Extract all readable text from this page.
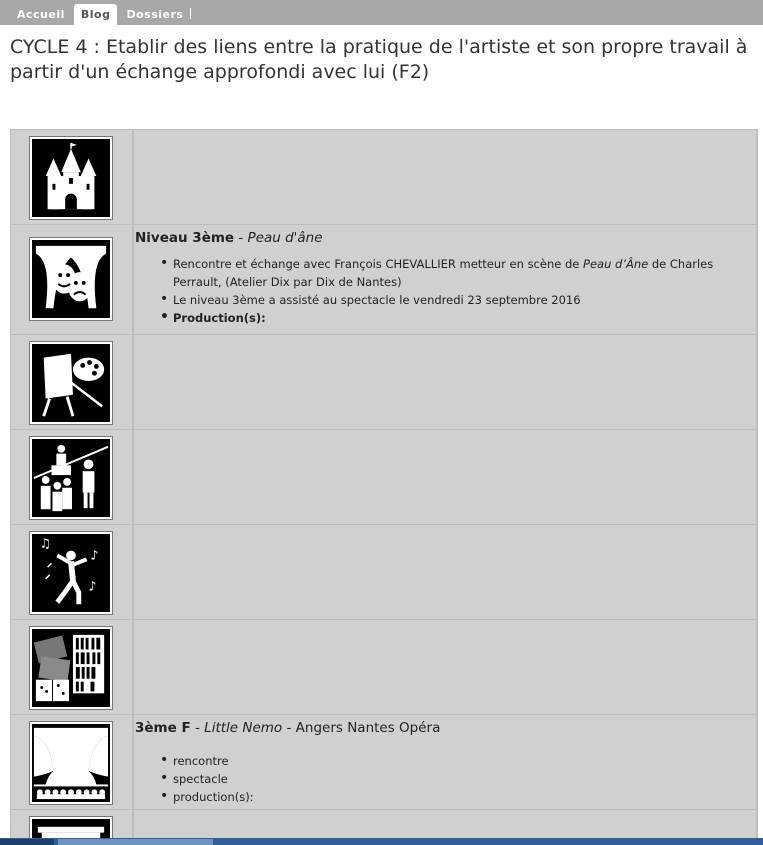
Accueil	Blog	Dossiers
CYCLE 4 : Etablir des liens entre la pratique de l'artiste et son propre travail à partir d'un échange approfondi avec lui (F2)
Niveau 3ème - Peau d'âne
• Rencontre et échange avec François CHEVALLIER metteur en scène de Peau d’Âne de Charles Perrault, (Atelier Dix par Dix de Nantes)
• Le niveau 3ème a assisté au spectacle le vendredi 23 septembre 2016
• Production(s):
♫
♪
♪
3ème F - Little Nemo - Angers Nantes Opéra
• rencontre
• spectacle
• production(s):
